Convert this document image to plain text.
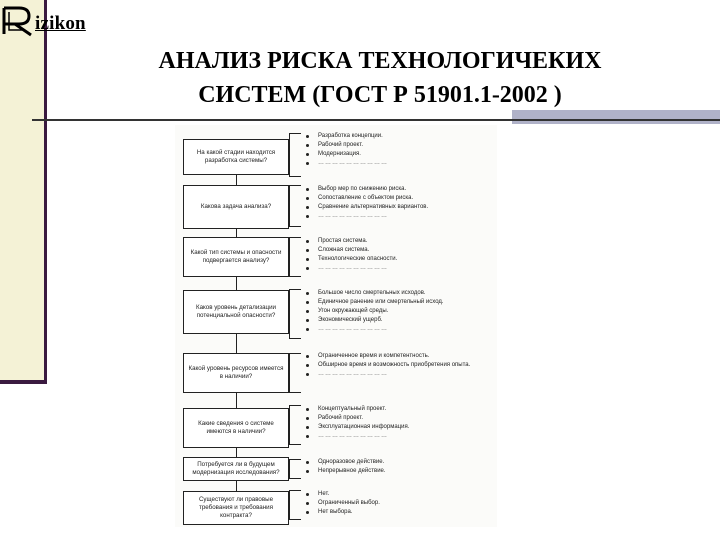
izikon
АНАЛИЗ РИСКА ТЕХНОЛОГИЧЕКИХ
СИСТЕМ (ГОСТ Р 51901.1-2002 )
На какой стадии находится разработка системы?
Разработка концепции.
Рабочий проект.
Модернизация.
…………………………
Какова задача анализа?
Выбор мер по снижению риска.
Сопоставление с объектом риска.
Сравнение альтернативных вариантов.
…………………………
Какой тип системы и опасности подвергается анализу?
Простая система.
Сложная система.
Технологические опасности.
…………………………
Каков уровень детализации потенциальной опасности?
Большое число смертельных исходов.
Единичное ранение или смертельный исход.
Угон окружающей среды.
Экономический ущерб.
…………………………
Какой уровень ресурсов имеется в наличии?
Ограниченное время и компетентность.
Обширное время и возможность приобретения опыта.
…………………………
Какие сведения о системе имеются в наличии?
Концептуальный проект.
Рабочий проект.
Эксплуатационная информация.
…………………………
Потребуется ли в будущем модернизация исследования?
Одноразовое действие.
Непрерывное действие.
Существуют ли правовые требования и требования контракта?
Нет.
Ограниченный выбор.
Нет выбора.
